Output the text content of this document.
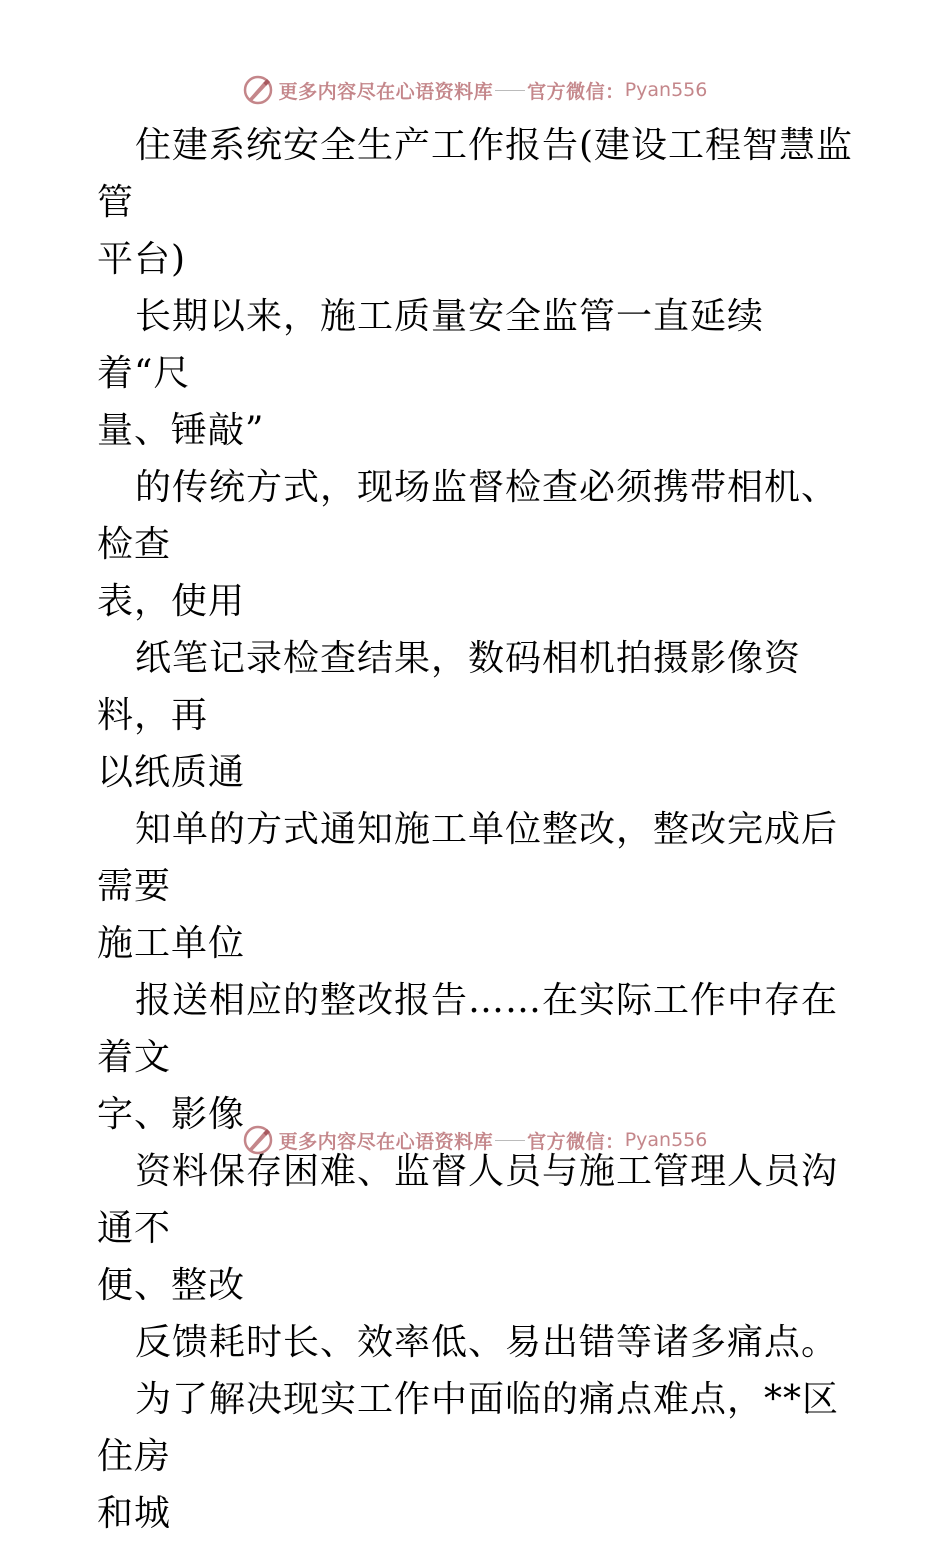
更多内容尽在心语资料库 官方微信： Pyan556

住建系统安全生产工作报告(建设工程智慧监管
平台)

长期以来，施工质量安全监管一直延续着“尺
量、锤敲”

的传统方式，现场监督检查必须携带相机、检查
表，使用

纸笔记录检查结果，数码相机拍摄影像资料，再
以纸质通

知单的方式通知施工单位整改，整改完成后需要
施工单位

报送相应的整改报告……在实际工作中存在着文
字、影像

资料保存困难、监督人员与施工管理人员沟通不
便、整改

反馈耗时长、效率低、易出错等诸多痛点。

为了解决现实工作中面临的痛点难点，**区住房
和城

更多内容尽在心语资料库 官方微信： Pyan556
